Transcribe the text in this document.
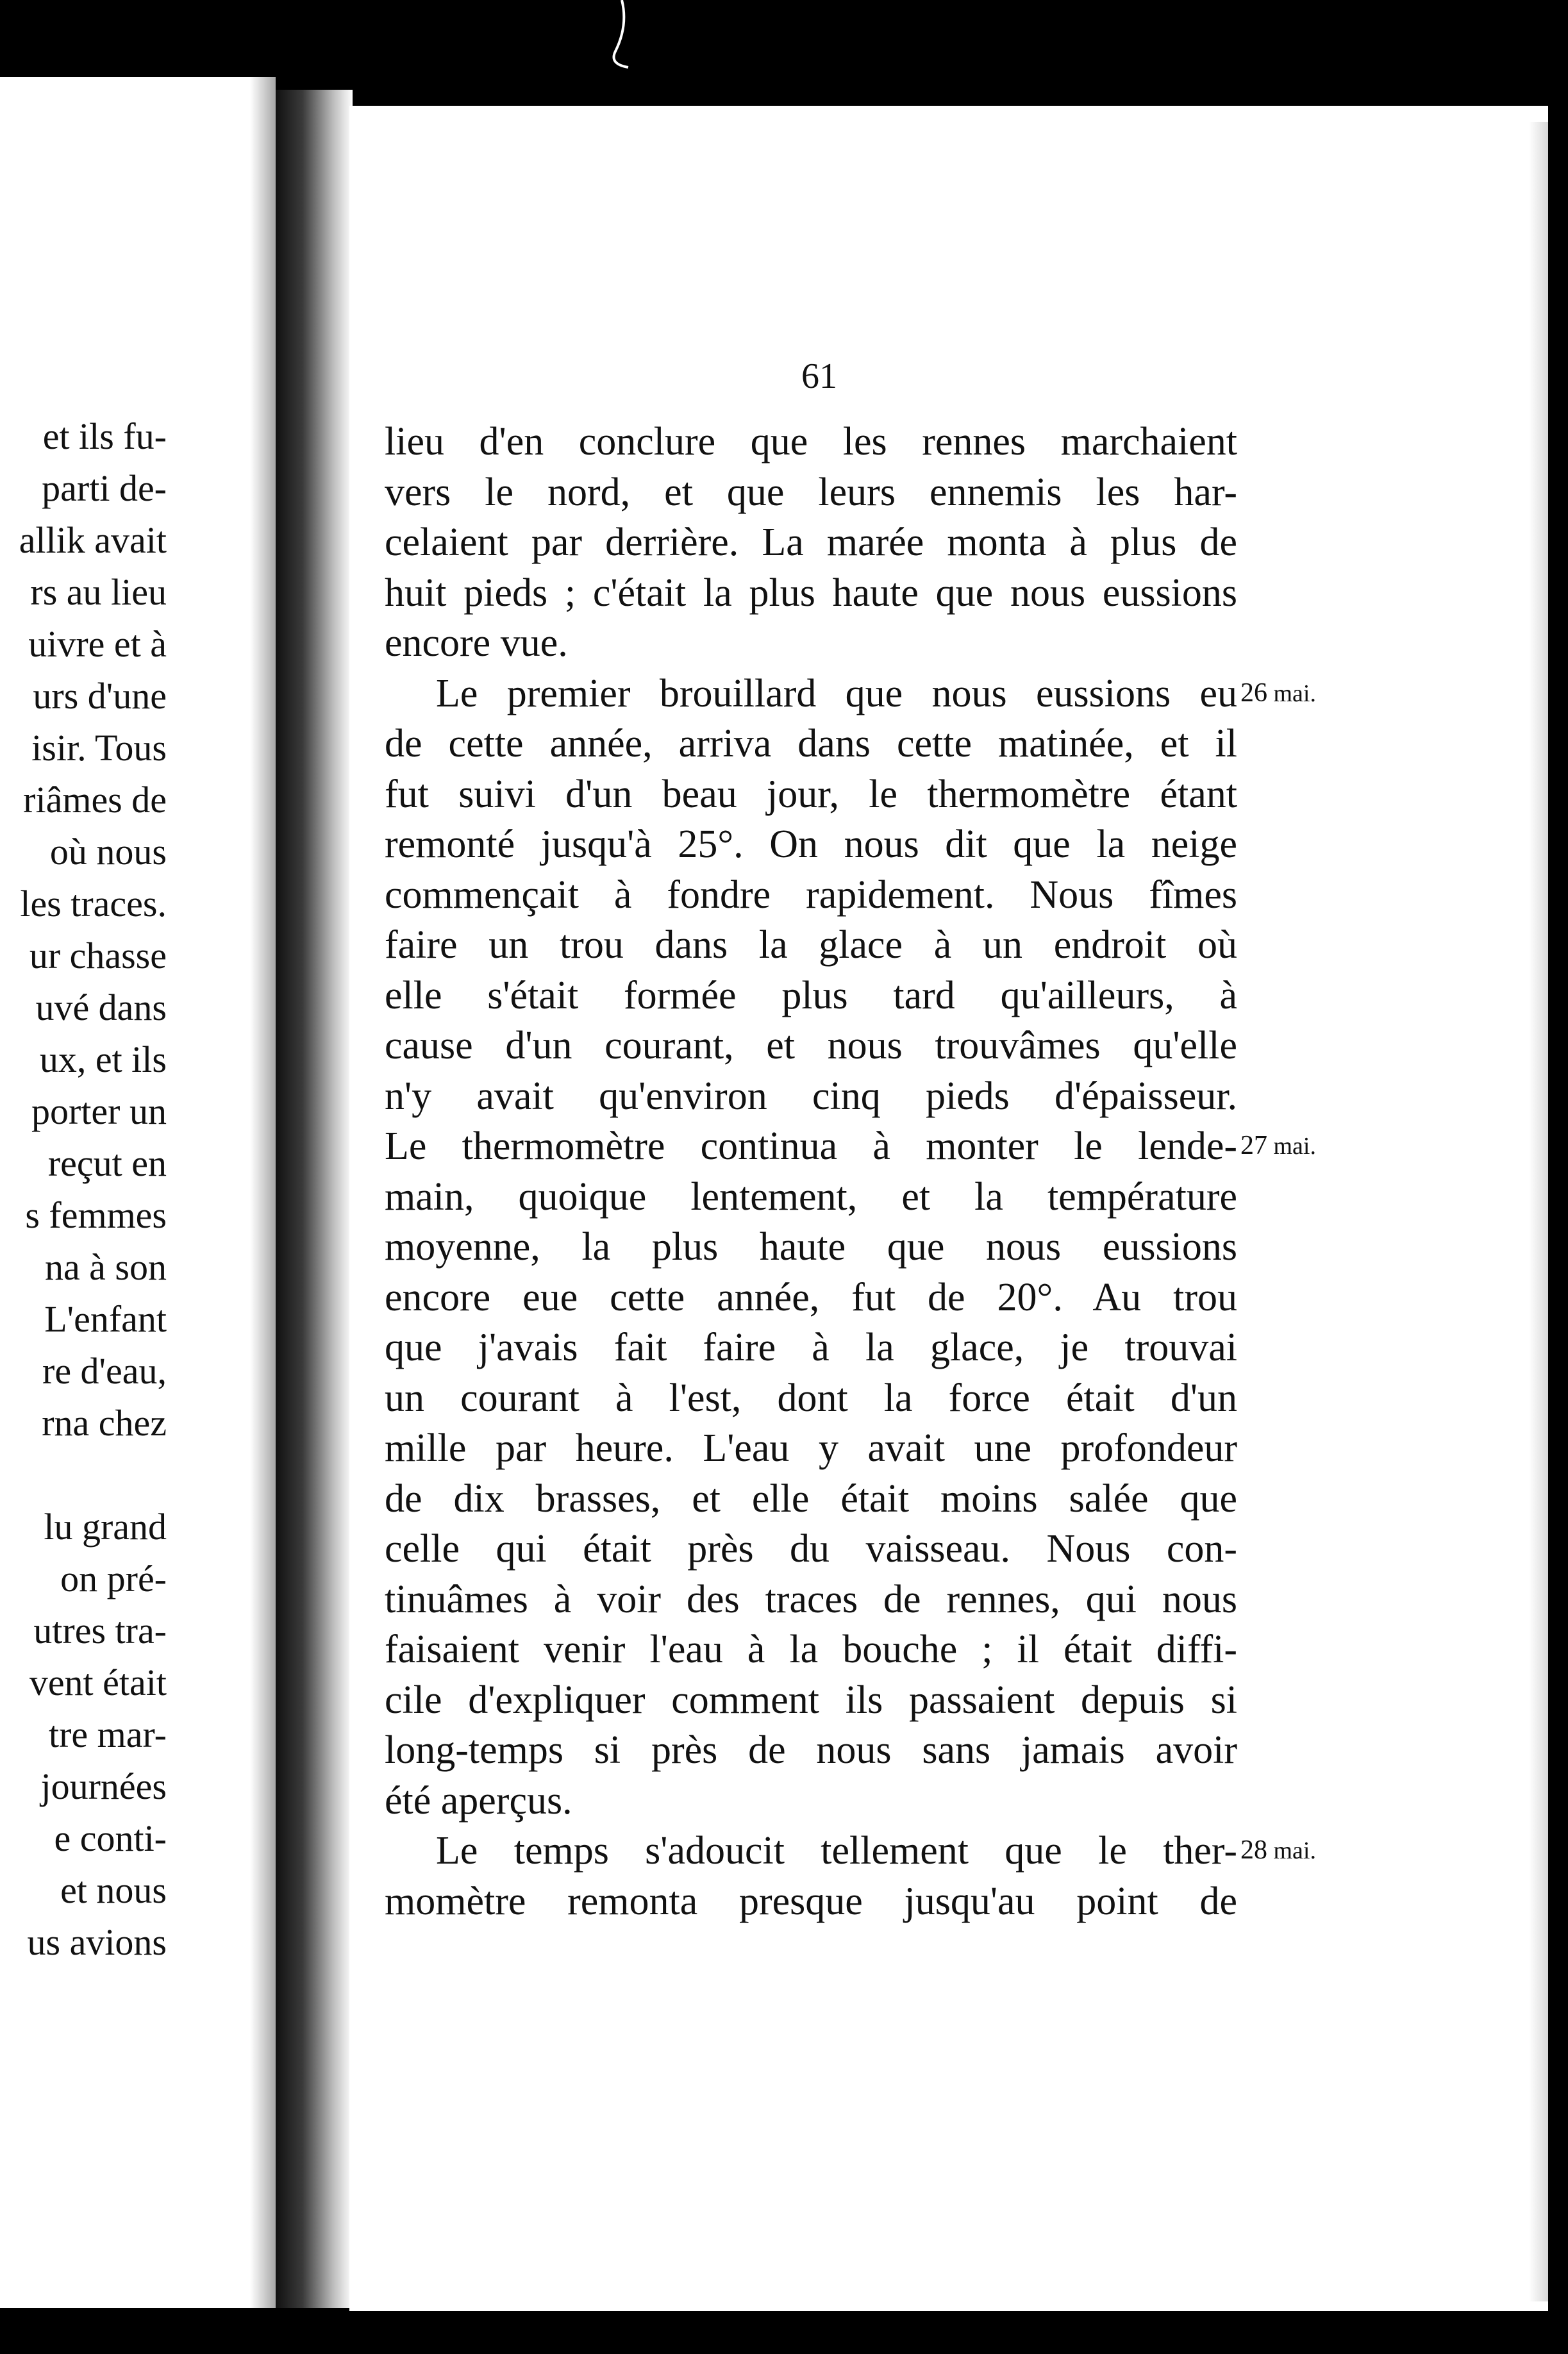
et ils fu-
parti de-
allik avait
rs au lieu
uivre et à
urs d'une
isir. Tous
riâmes de
où nous
les traces.
ur chasse
uvé dans
ux, et ils
porter un
reçut en
s femmes
na à son
L'enfant
re d'eau,
rna chez
lu grand
on pré-
utres tra-
vent était
tre mar-
journées
e conti-
et nous
us avions
61
lieu d'en conclure que les rennes marchaient
vers le nord, et que leurs ennemis les har-
celaient par derrière. La marée monta à plus de
huit pieds ; c'était la plus haute que nous eussions
encore vue.
Le premier brouillard que nous eussions eu
de cette année, arriva dans cette matinée, et il
fut suivi d'un beau jour, le thermomètre étant
remonté jusqu'à 25°. On nous dit que la neige
commençait à fondre rapidement. Nous fîmes
faire un trou dans la glace à un endroit où
elle s'était formée plus tard qu'ailleurs, à
cause d'un courant, et nous trouvâmes qu'elle
n'y avait qu'environ cinq pieds d'épaisseur.
Le thermomètre continua à monter le lende-
main, quoique lentement, et la température
moyenne, la plus haute que nous eussions
encore eue cette année, fut de 20°. Au trou
que j'avais fait faire à la glace, je trouvai
un courant à l'est, dont la force était d'un
mille par heure. L'eau y avait une profondeur
de dix brasses, et elle était moins salée que
celle qui était près du vaisseau. Nous con-
tinuâmes à voir des traces de rennes, qui nous
faisaient venir l'eau à la bouche ; il était diffi-
cile d'expliquer comment ils passaient depuis si
long-temps si près de nous sans jamais avoir
été aperçus.
Le temps s'adoucit tellement que le ther-
momètre remonta presque jusqu'au point de
26 mai.
27 mai.
28 mai.
